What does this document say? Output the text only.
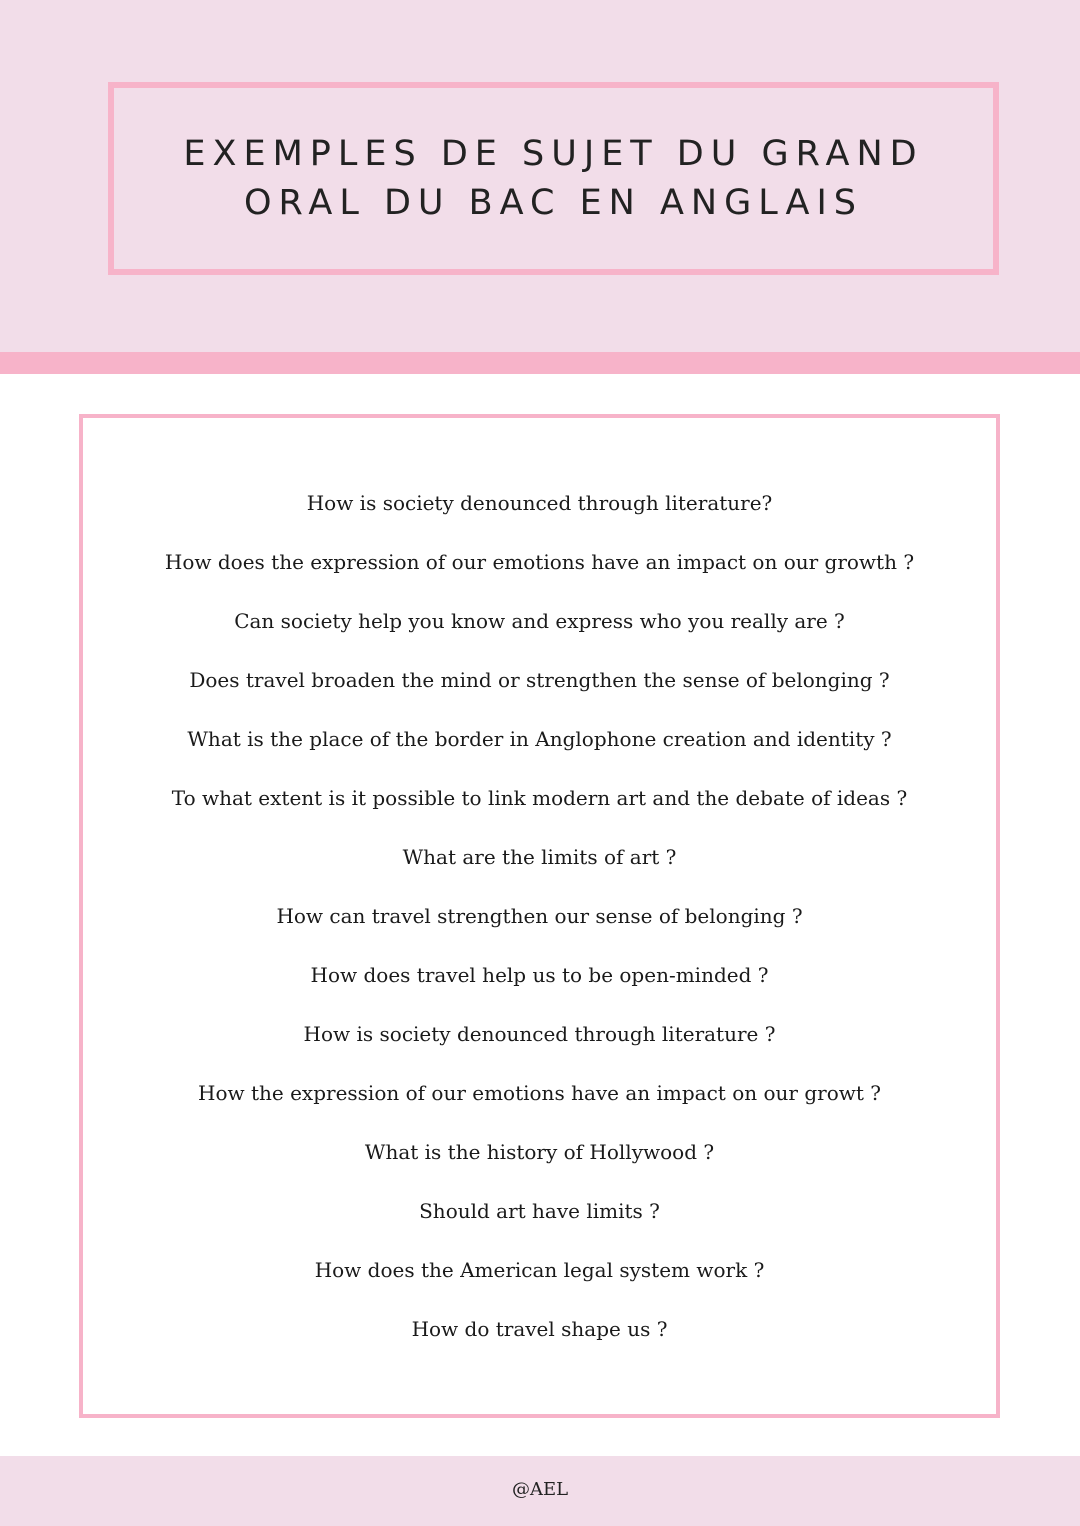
EXEMPLES DE SUJET DU GRAND
ORAL DU BAC EN ANGLAIS
How is society denounced through literature?
How does the expression of our emotions have an impact on our growth ?
Can society help you know and express who you really are ?
Does travel broaden the mind or strengthen the sense of belonging ?
What is the place of the border in Anglophone creation and identity ?
To what extent is it possible to link modern art and the debate of ideas ?
What are the limits of art ?
How can travel strengthen our sense of belonging ?
How does travel help us to be open-minded ?
How is society denounced through literature ?
How the expression of our emotions have an impact on our growt ?
What is the history of Hollywood ?
Should art have limits ?
How does the American legal system work ?
How do travel shape us ?
@AEL
